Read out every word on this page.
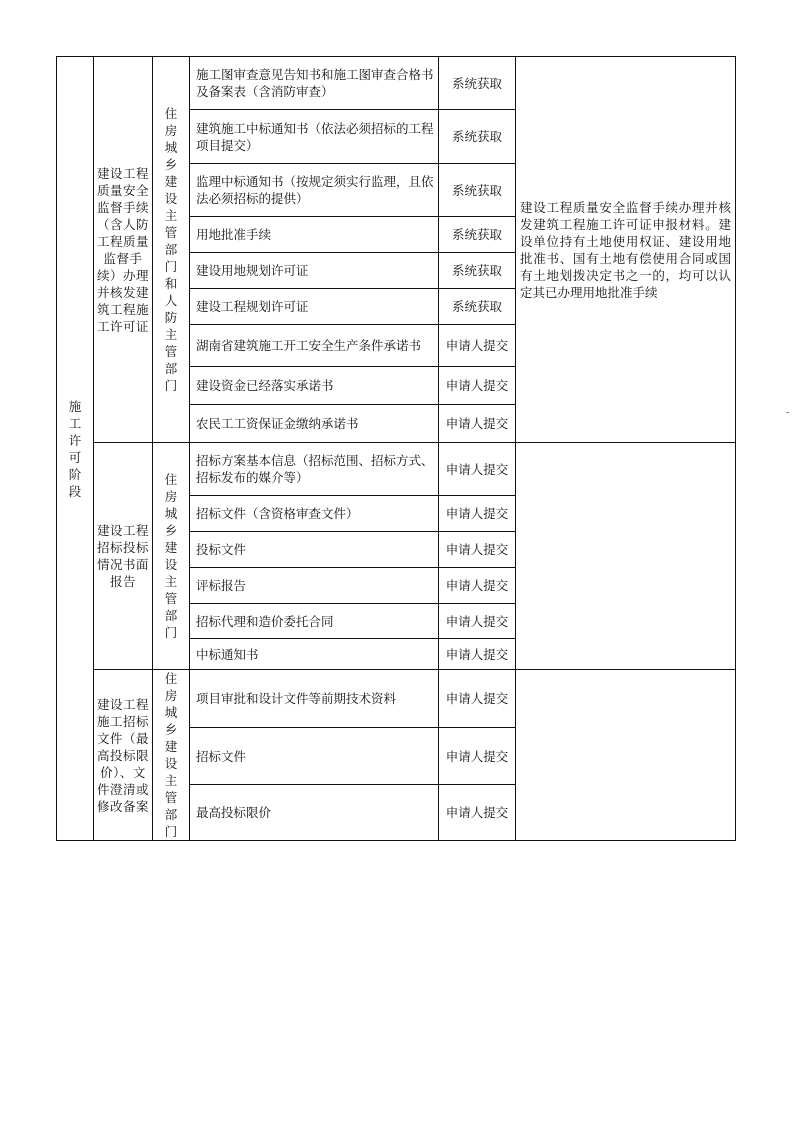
施工许可阶段	建设工程质量安全监督手续（含人防工程质量监督手续）办理并核发建筑工程施工许可证	住房城乡建设主管部门和人防主管部门	施工图审查意见告知书和施工图审查合格书及备案表（含消防审查）	系统获取	建设工程质量安全监督手续办理并核发建筑工程施工许可证申报材料。建设单位持有土地使用权证、建设用地批准书、国有土地有偿使用合同或国有土地划拨决定书之一的，均可以认定其已办理用地批准手续

			建筑施工中标通知书（依法必须招标的工程项目提交）	系统获取	
			监理中标通知书（按规定须实行监理，且依法必须招标的提供）	系统获取	
			用地批准手续	系统获取	
			建设用地规划许可证	系统获取	
			建设工程规划许可证	系统获取	
			湖南省建筑施工开工安全生产条件承诺书	申请人提交	
			建设资金已经落实承诺书	申请人提交	
			农民工工资保证金缴纳承诺书	申请人提交	

	建设工程招标投标情况书面报告	住房城乡建设主管部门	招标方案基本信息（招标范围、招标方式、招标发布的媒介等）	申请人提交	

			招标文件（含资格审查文件）	申请人提交	
			投标文件	申请人提交	
			评标报告	申请人提交	
			招标代理和造价委托合同	申请人提交	
			中标通知书	申请人提交	

	建设工程施工招标文件（最高投标限价）、文件澄清或修改备案	住房城乡建设主管部门	项目审批和设计文件等前期技术资料	申请人提交	

			招标文件	申请人提交	
			最高投标限价	申请人提交	
